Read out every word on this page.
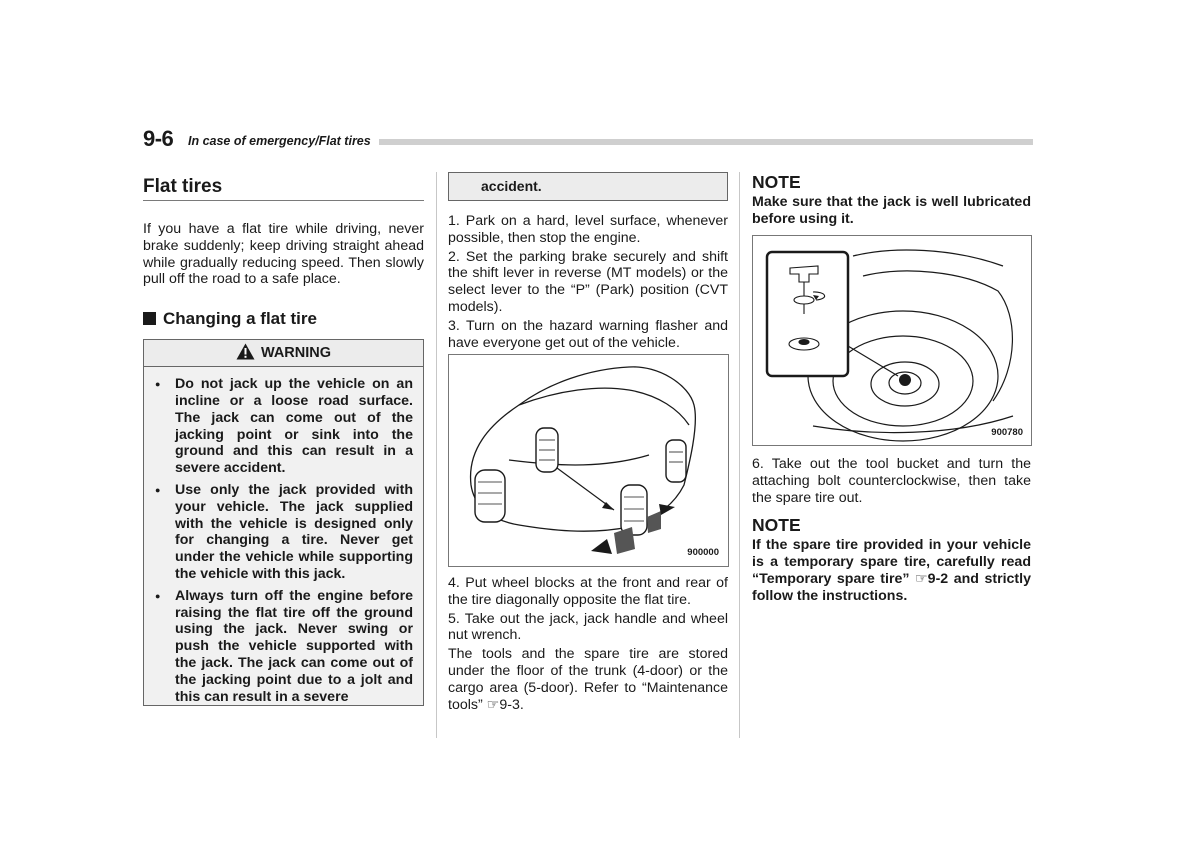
9-6 In case of emergency/Flat tires
Flat tires

If you have a flat tire while driving, never brake suddenly; keep driving straight ahead while gradually reducing speed. Then slowly pull off the road to a safe place.

Changing a flat tire
WARNING
● Do not jack up the vehicle on an incline or a loose road surface. The jack can come out of the jacking point or sink into the ground and this can result in a severe accident.
● Use only the jack provided with your vehicle. The jack supplied with the vehicle is designed only for changing a tire. Never get under the vehicle while supporting the vehicle with this jack.
● Always turn off the engine before raising the flat tire off the ground using the jack. Never swing or push the vehicle supported with the jack. The jack can come out of the jacking point due to a jolt and this can result in a severe
accident.

1. Park on a hard, level surface, whenever possible, then stop the engine.

2. Set the parking brake securely and shift the shift lever in reverse (MT models) or the select lever to the “P” (Park) position (CVT models).

3. Turn on the hazard warning flasher and have everyone get out of the vehicle.

900000

4. Put wheel blocks at the front and rear of the tire diagonally opposite the flat tire.

5. Take out the jack, jack handle and wheel nut wrench.

The tools and the spare tire are stored under the floor of the trunk (4-door) or the cargo area (5-door). Refer to “Maintenance tools” ☞9-3.

NOTE

Make sure that the jack is well lubricated before using it.

900780

6. Take out the tool bucket and turn the attaching bolt counterclockwise, then take the spare tire out.

NOTE

If the spare tire provided in your vehicle is a temporary spare tire, carefully read “Temporary spare tire” ☞9-2 and strictly follow the instructions.
